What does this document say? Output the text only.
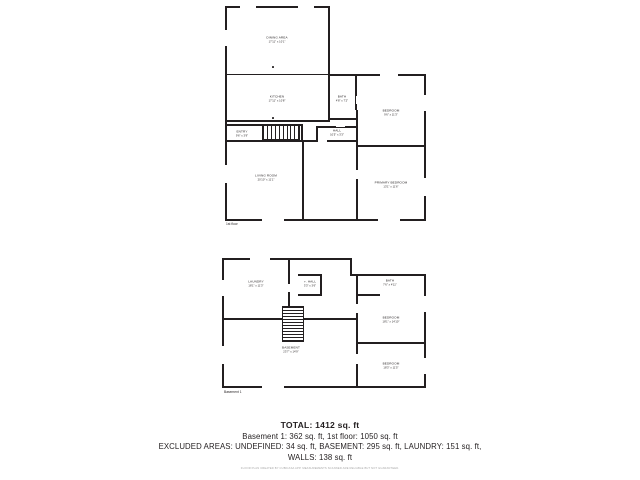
DINING AREA
17'11" x 10'1"
KITCHEN
17'11" x 10'8"
ENTRY
9'6" x 3'9"
LIVING ROOM
20'10" x 11'1"
BATH
4'8" x 7'2"
HALL
10'5" x 3'3"
BEDROOM
9'6" x 11'3"
PRIMARY BEDROOM
13'1" x 11'6"
1st floor
LAUNDRY
18'1" x 11'3"
+. HALL
3'3" x 3'6"
BATH
7'6" x 4'11"
BEDROOM
18'1" x 14'10"
BASEMENT
23'7" x 14'9"
BEDROOM
18'3" x 11'5"
Basement 1
TOTAL: 1412 sq. ft
Basement 1: 362 sq. ft, 1st floor: 1050 sq. ft
EXCLUDED AREAS: UNDEFINED: 34 sq. ft, BASEMENT: 295 sq. ft, LAUNDRY: 151 sq. ft,
WALLS: 138 sq. ft
FLOOR PLAN CREATED BY CUBICASA APP. MEASUREMENTS SCANNED ARE RELIABLE BUT NOT GUARANTEED.
